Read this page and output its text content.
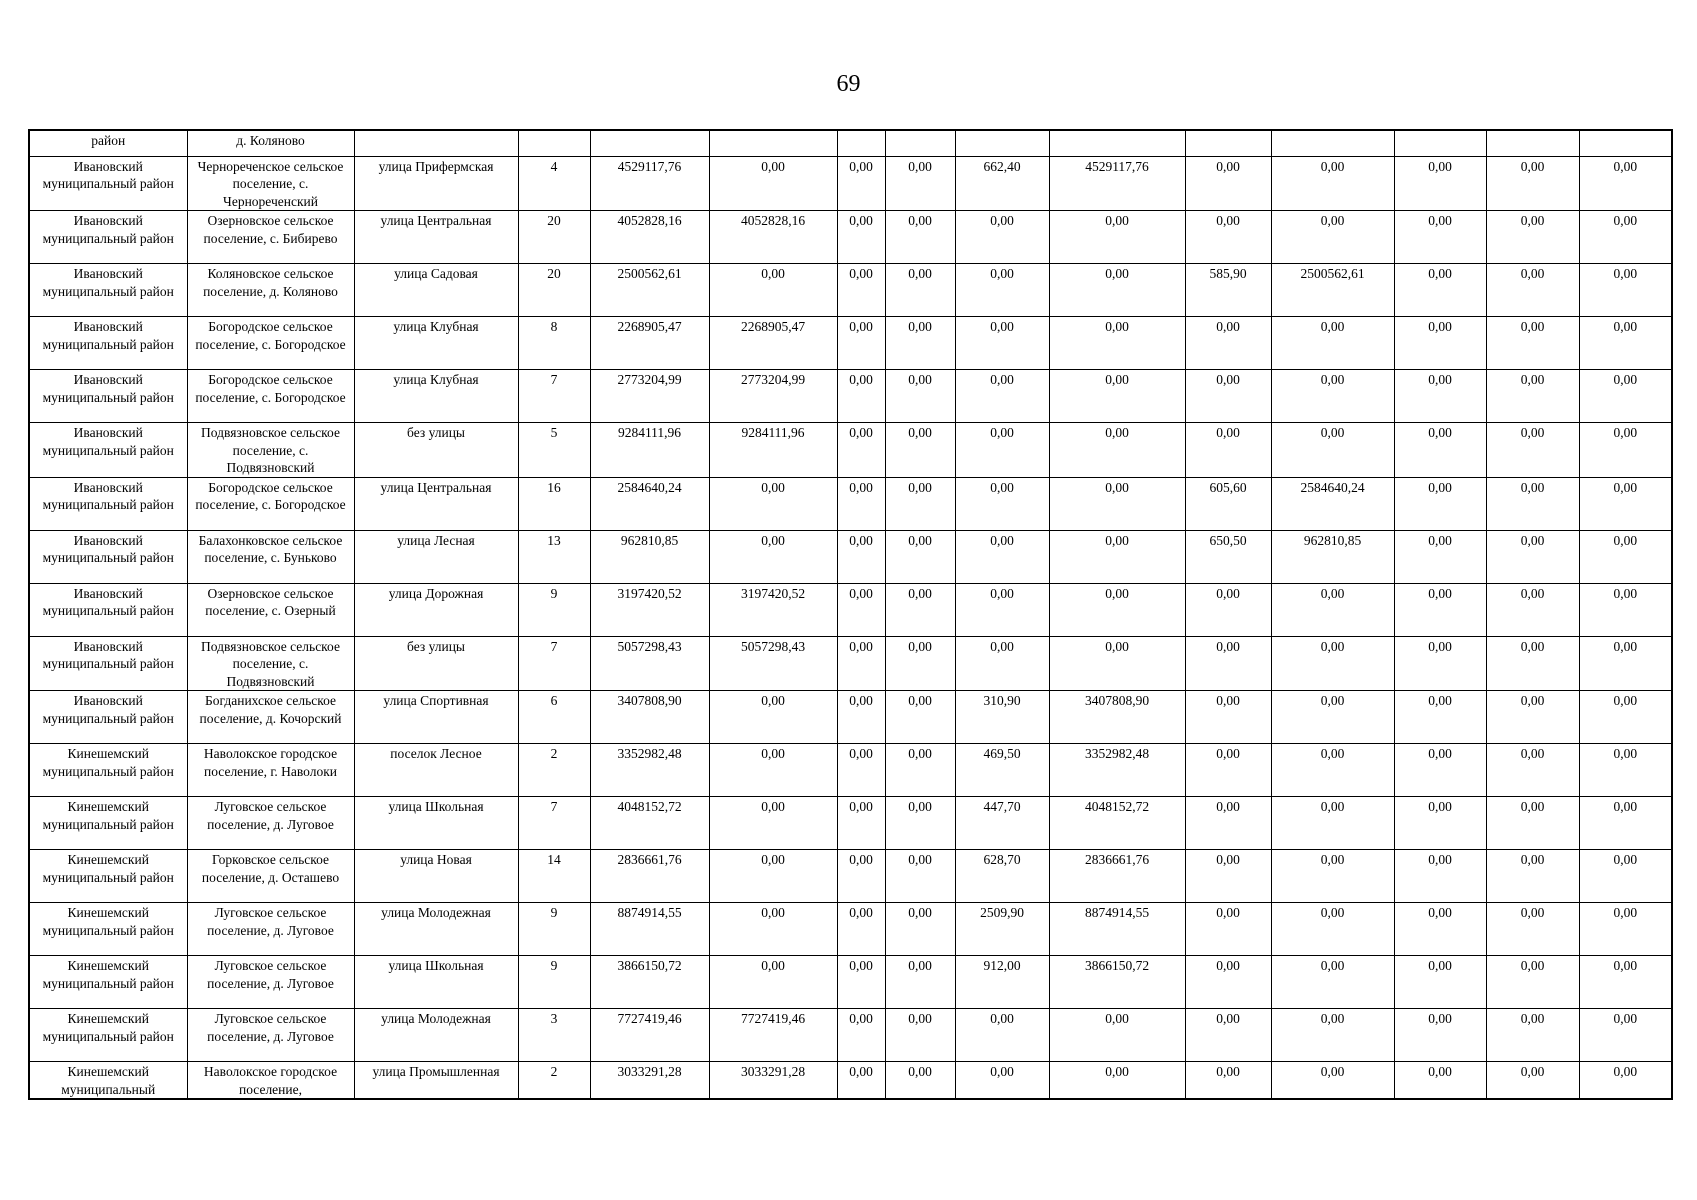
69
район	д. Коляново													
Ивановский муниципальный район	Чернореченское сельское поселение, с. Чернореченский	улица Прифермская	4	4529117,76	0,00	0,00	0,00	662,40	4529117,76	0,00	0,00	0,00	0,00	0,00
Ивановский муниципальный район	Озерновское сельское поселение, с. Бибирево	улица Центральная	20	4052828,16	4052828,16	0,00	0,00	0,00	0,00	0,00	0,00	0,00	0,00	0,00
Ивановский муниципальный район	Коляновское сельское поселение, д. Коляново	улица Садовая	20	2500562,61	0,00	0,00	0,00	0,00	0,00	585,90	2500562,61	0,00	0,00	0,00
Ивановский муниципальный район	Богородское сельское поселение, с. Богородское	улица Клубная	8	2268905,47	2268905,47	0,00	0,00	0,00	0,00	0,00	0,00	0,00	0,00	0,00
Ивановский муниципальный район	Богородское сельское поселение, с. Богородское	улица Клубная	7	2773204,99	2773204,99	0,00	0,00	0,00	0,00	0,00	0,00	0,00	0,00	0,00
Ивановский муниципальный район	Подвязновское сельское поселение, с. Подвязновский	без улицы	5	9284111,96	9284111,96	0,00	0,00	0,00	0,00	0,00	0,00	0,00	0,00	0,00
Ивановский муниципальный район	Богородское сельское поселение, с. Богородское	улица Центральная	16	2584640,24	0,00	0,00	0,00	0,00	0,00	605,60	2584640,24	0,00	0,00	0,00
Ивановский муниципальный район	Балахонковское сельское поселение, с. Буньково	улица Лесная	13	962810,85	0,00	0,00	0,00	0,00	0,00	650,50	962810,85	0,00	0,00	0,00
Ивановский муниципальный район	Озерновское сельское поселение, с. Озерный	улица Дорожная	9	3197420,52	3197420,52	0,00	0,00	0,00	0,00	0,00	0,00	0,00	0,00	0,00
Ивановский муниципальный район	Подвязновское сельское поселение, с. Подвязновский	без улицы	7	5057298,43	5057298,43	0,00	0,00	0,00	0,00	0,00	0,00	0,00	0,00	0,00
Ивановский муниципальный район	Богданихское сельское поселение, д. Кочорский	улица Спортивная	6	3407808,90	0,00	0,00	0,00	310,90	3407808,90	0,00	0,00	0,00	0,00	0,00
Кинешемский муниципальный район	Наволокское городское поселение, г. Наволоки	поселок Лесное	2	3352982,48	0,00	0,00	0,00	469,50	3352982,48	0,00	0,00	0,00	0,00	0,00
Кинешемский муниципальный район	Луговское сельское поселение, д. Луговое	улица Школьная	7	4048152,72	0,00	0,00	0,00	447,70	4048152,72	0,00	0,00	0,00	0,00	0,00
Кинешемский муниципальный район	Горковское сельское поселение, д. Осташево	улица Новая	14	2836661,76	0,00	0,00	0,00	628,70	2836661,76	0,00	0,00	0,00	0,00	0,00
Кинешемский муниципальный район	Луговское сельское поселение, д. Луговое	улица Молодежная	9	8874914,55	0,00	0,00	0,00	2509,90	8874914,55	0,00	0,00	0,00	0,00	0,00
Кинешемский муниципальный район	Луговское сельское поселение, д. Луговое	улица Школьная	9	3866150,72	0,00	0,00	0,00	912,00	3866150,72	0,00	0,00	0,00	0,00	0,00
Кинешемский муниципальный район	Луговское сельское поселение, д. Луговое	улица Молодежная	3	7727419,46	7727419,46	0,00	0,00	0,00	0,00	0,00	0,00	0,00	0,00	0,00
Кинешемский муниципальный	Наволокское городское поселение,	улица Промышленная	2	3033291,28	3033291,28	0,00	0,00	0,00	0,00	0,00	0,00	0,00	0,00	0,00
